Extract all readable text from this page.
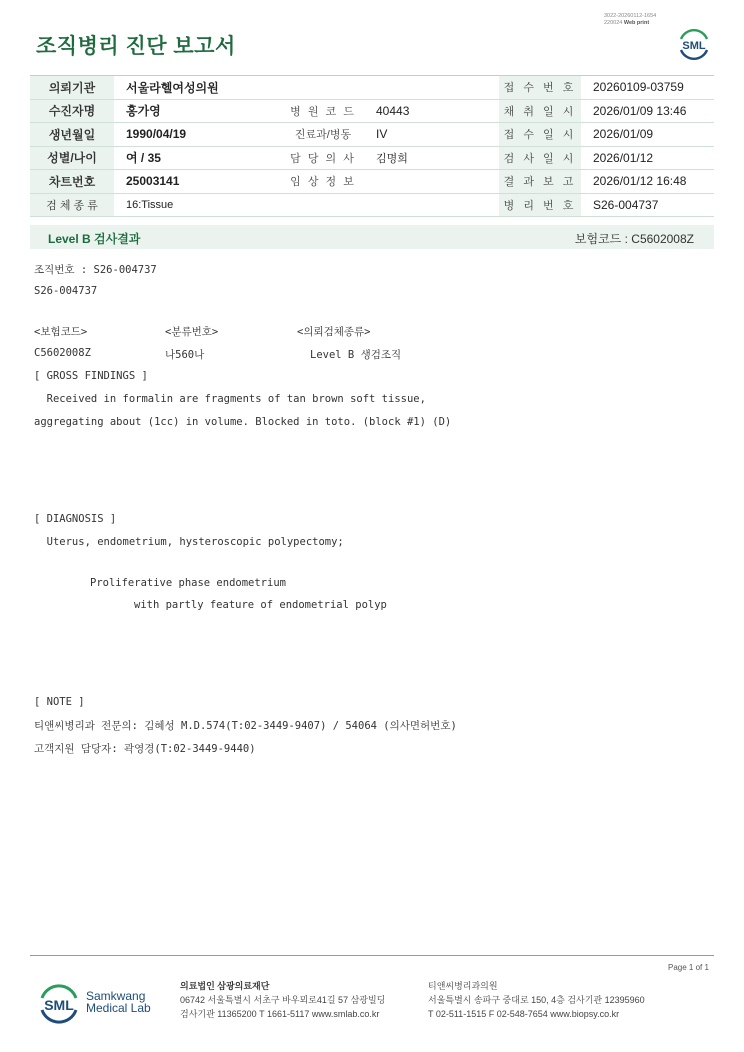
조직병리 진단 보고서
3022-20260112-1654
220024 Web print
SML
의뢰기관	서울라헬여성의원			접 수 번 호	20260109-03759
수진자명	홍가영	병 원 코 드	40443	채 취 일 시	2026/01/09 13:46
생년월일	1990/04/19	진료과/병동	IV	접 수 일 시	2026/01/09
성별/나이	여 / 35	담 당 의 사	김명희	검 사 일 시	2026/01/12
차트번호	25003141	임 상 정 보		결 과 보 고	2026/01/12 16:48
검 체 종 류	16:Tissue			병 리 번 호	S26-004737
Level B 검사결과	보험코드 : C5602008Z
조직번호 : S26-004737
S26-004737
<보험코드>	<분류번호>	<의뢰검체종류>
C5602008Z	나560나	Level B 생검조직
[ GROSS FINDINGS ]
Received in formalin are fragments of tan brown soft tissue,
aggregating about (1cc) in volume. Blocked in toto. (block #1) (D)
[ DIAGNOSIS ]
Uterus, endometrium, hysteroscopic polypectomy;
Proliferative phase endometrium
with partly feature of endometrial polyp
[ NOTE ]
티앤씨병리과 전문의: 김혜성 M.D.574(T:02-3449-9407) / 54064 (의사면허번호)
고객지원 담당자: 곽영경(T:02-3449-9440)
Page 1 of 1
SML
Samkwang
Medical Lab
의료법인 삼광의료재단
06742 서울특별시 서초구 바우뫼로41길 57 삼광빌딩
검사기관 11365200 T 1661-5117 www.smlab.co.kr
티앤씨병리과의원
서울특별시 송파구 중대로 150, 4층 검사기관 12395960
T 02-511-1515 F 02-548-7654 www.biopsy.co.kr
